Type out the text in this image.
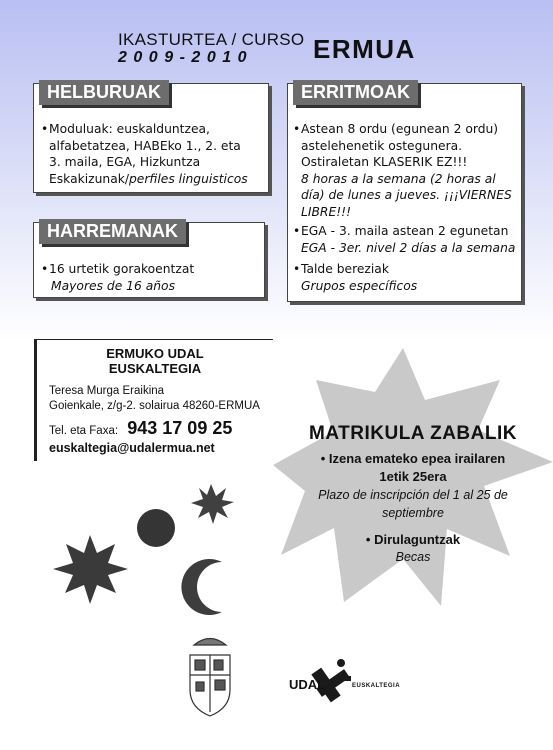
IKASTURTEA / CURSO
2009-2010 ERMUA
HELBURUAK
•Moduluak: euskalduntzea,
alfabetatzea, HABEko 1., 2. eta
3. maila, EGA, Hizkuntza
Eskakizunak/perfiles linguisticos
HARREMANAK
•16 urtetik gorakoentzat
Mayores de 16 años
ERRITMOAK
•Astean 8 ordu (egunean 2 ordu)
astelehenetik ostegunera.
Ostiraletan KLASERIK EZ!!!
8 horas a la semana (2 horas al
día) de lunes a jueves. ¡¡¡VIERNES
LIBRE!!!
•EGA - 3. maila astean 2 egunetan
EGA - 3er. nivel 2 días a la semana
•Talde bereziak
Grupos específicos
ERMUKO UDAL
EUSKALTEGIA
Teresa Murga Eraikina
Goienkale, z/g-2. solairua 48260-ERMUA
Tel. eta Faxa: 943 17 09 25
euskaltegia@udalermua.net
MATRIKULA ZABALIK
• Izena emateko epea irailaren
1etik 25era
Plazo de inscripción del 1 al 25 de
septiembre
• Dirulaguntzak
Becas
UDAL	EUSKALTEGIA
